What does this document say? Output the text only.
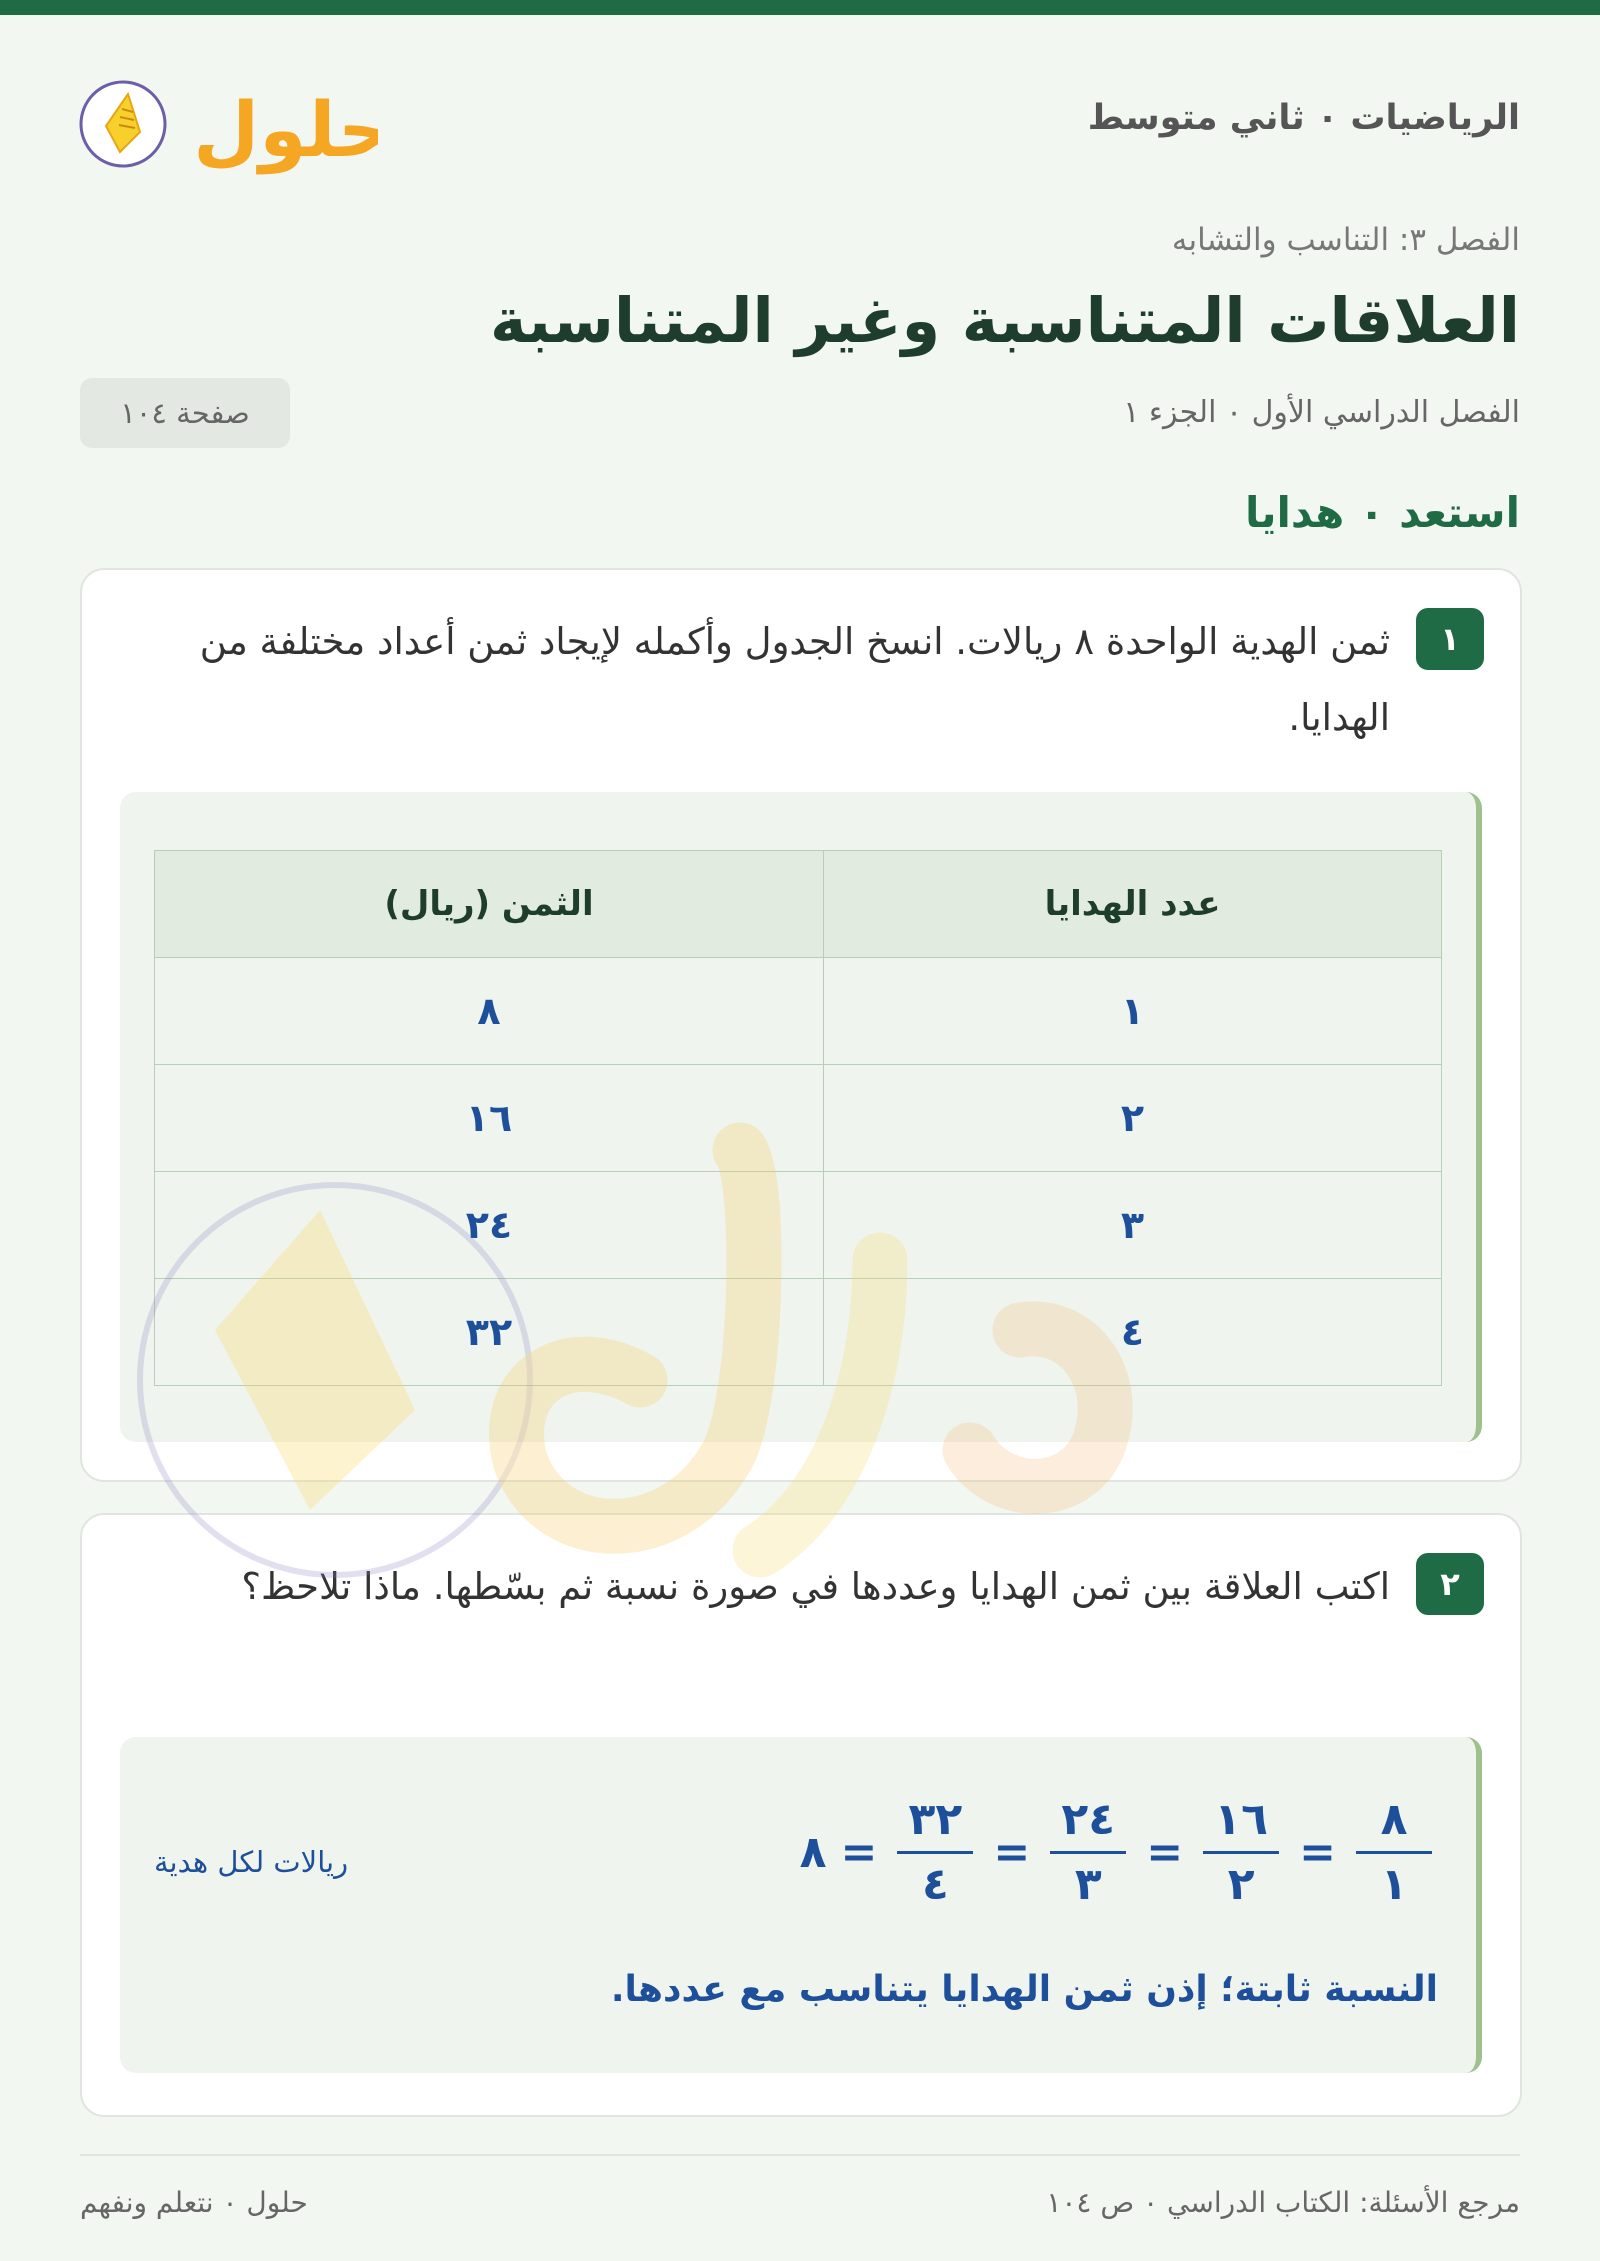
الرياضيات ٠ ثاني متوسط
حلول
الفصل ٣: التناسب والتشابه
العلاقات المتناسبة وغير المتناسبة
الفصل الدراسي الأول ٠ الجزء ١
صفحة ١٠٤
استعد ٠ هدايا
١
ثمن الهدية الواحدة ٨ ريالات. انسخ الجدول وأكمله لإيجاد ثمن أعداد مختلفة من الهدايا.
عدد الهدايا	الثمن (ريال)
١	٨
٢	١٦
٣	٢٤
٤	٣٢
٢
اكتب العلاقة بين ثمن الهدايا وعددها في صورة نسبة ثم بسّطها. ماذا تلاحظ؟
$\frac{٨}{١}$
=
$\frac{١٦}{٢}$
=
$\frac{٢٤}{٣}$
=
$\frac{٣٢}{٤}$
=
٨
ريالات لكل هدية
النسبة ثابتة؛ إذن ثمن الهدايا يتناسب مع عددها.
مرجع الأسئلة: الكتاب الدراسي ٠ ص ١٠٤
حلول ٠ نتعلم ونفهم
